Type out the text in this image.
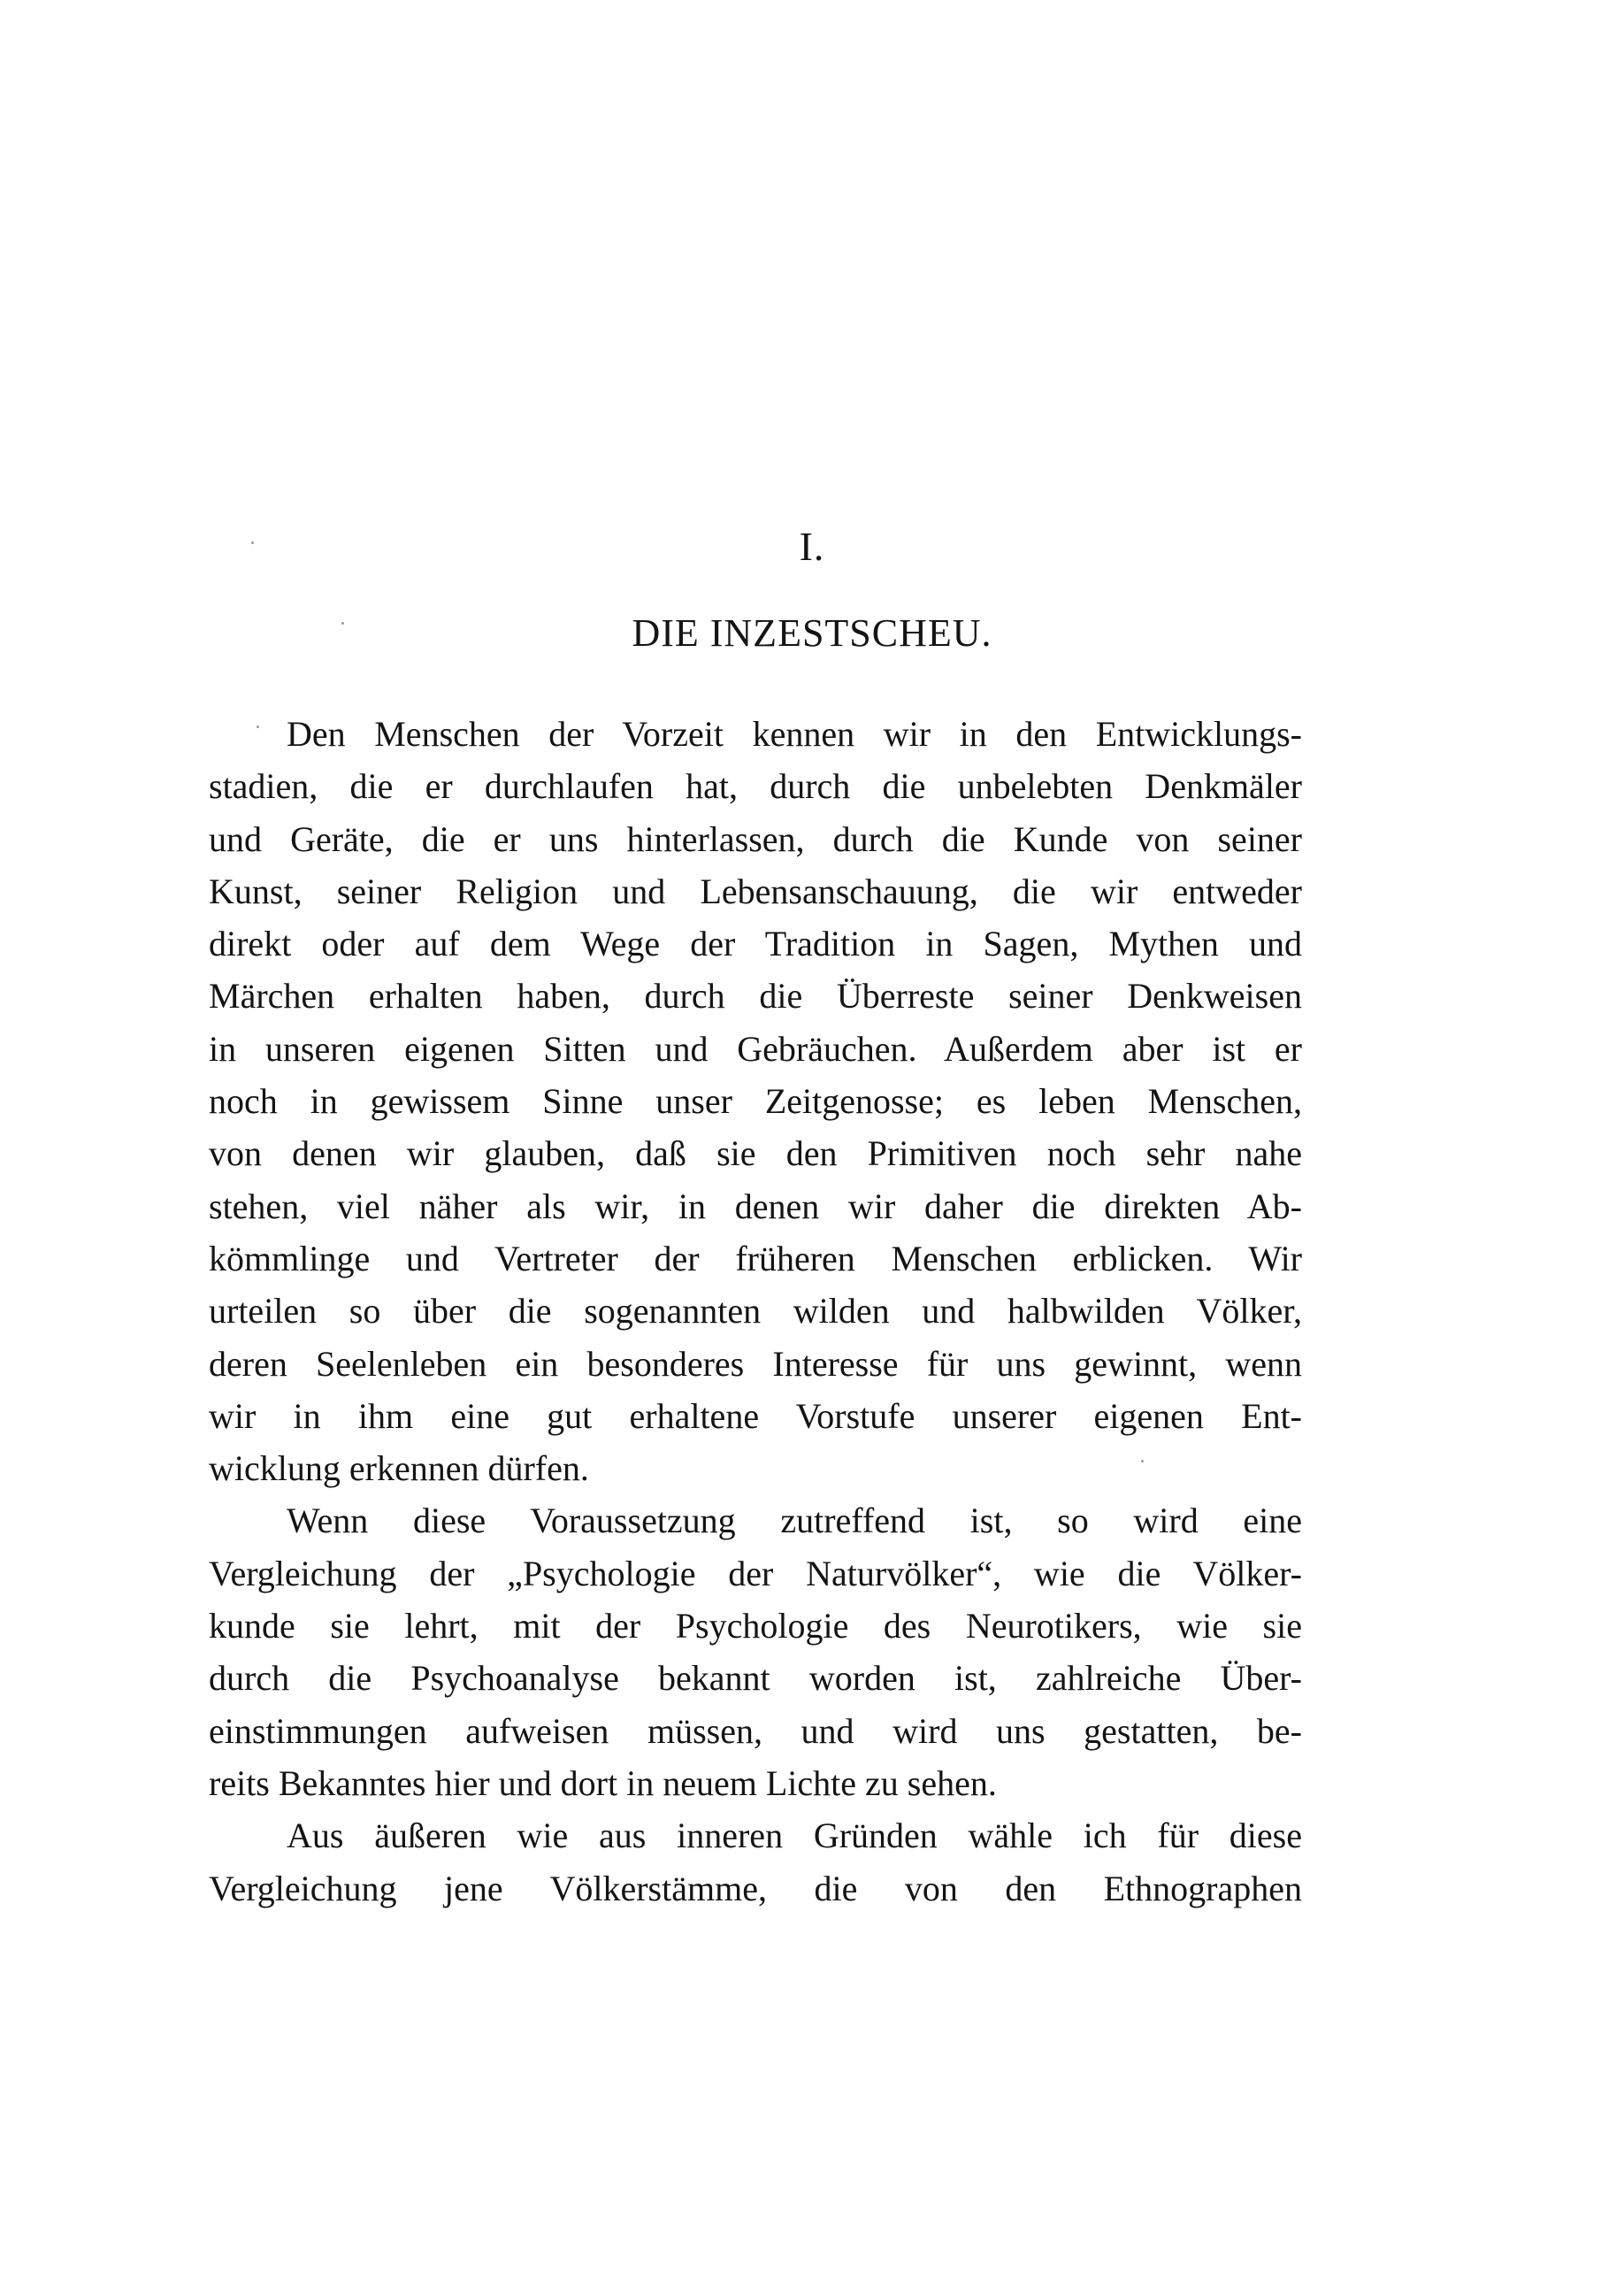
I.
DIE INZESTSCHEU.
Den Menschen der Vorzeit kennen wir in den Entwicklungs-
stadien, die er durchlaufen hat, durch die unbelebten Denkmäler
und Geräte, die er uns hinterlassen, durch die Kunde von seiner
Kunst, seiner Religion und Lebensanschauung, die wir entweder
direkt oder auf dem Wege der Tradition in Sagen, Mythen und
Märchen erhalten haben, durch die Überreste seiner Denkweisen
in unseren eigenen Sitten und Gebräuchen. Außerdem aber ist er
noch in gewissem Sinne unser Zeitgenosse; es leben Menschen,
von denen wir glauben, daß sie den Primitiven noch sehr nahe
stehen, viel näher als wir, in denen wir daher die direkten Ab-
kömmlinge und Vertreter der früheren Menschen erblicken. Wir
urteilen so über die sogenannten wilden und halbwilden Völker,
deren Seelenleben ein besonderes Interesse für uns gewinnt, wenn
wir in ihm eine gut erhaltene Vorstufe unserer eigenen Ent-
wicklung erkennen dürfen.
Wenn diese Voraussetzung zutreffend ist, so wird eine
Vergleichung der „Psychologie der Naturvölker“, wie die Völker-
kunde sie lehrt, mit der Psychologie des Neurotikers, wie sie
durch die Psychoanalyse bekannt worden ist, zahlreiche Über-
einstimmungen aufweisen müssen, und wird uns gestatten, be-
reits Bekanntes hier und dort in neuem Lichte zu sehen.
Aus äußeren wie aus inneren Gründen wähle ich für diese
Vergleichung jene Völkerstämme, die von den Ethnographen
